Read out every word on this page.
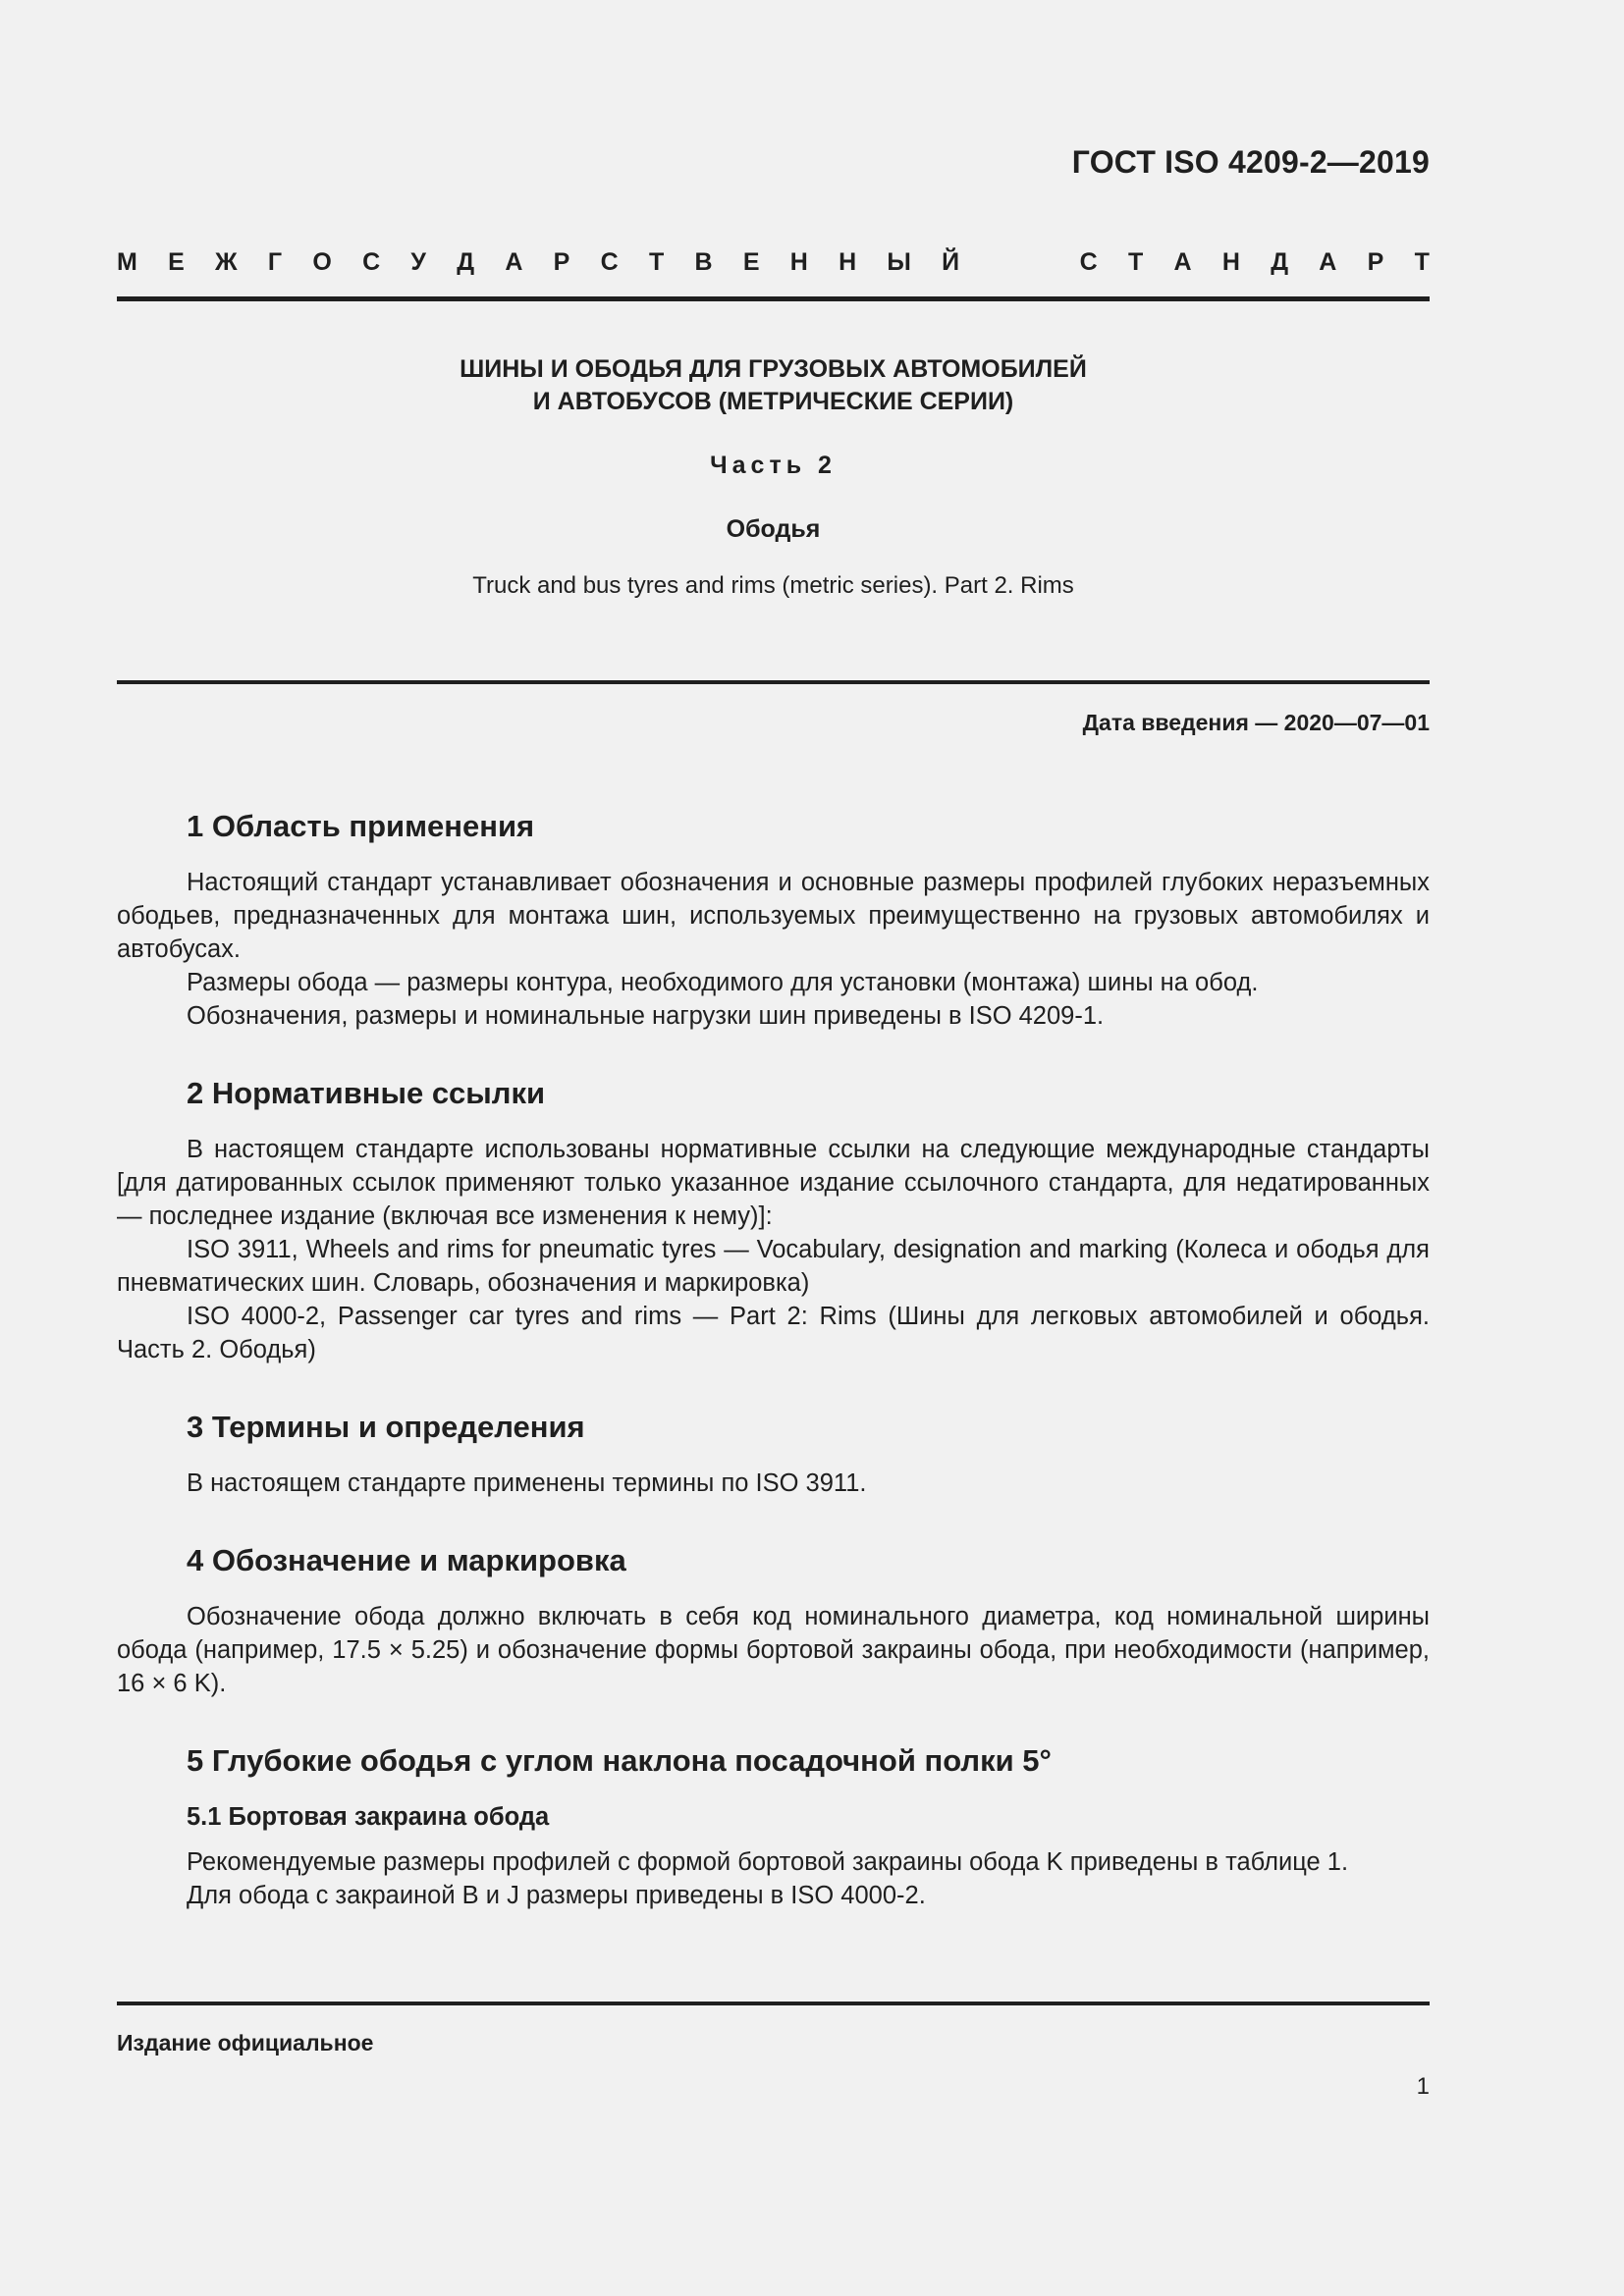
ГОСТ ISO 4209-2—2019
М Е Ж Г О С У Д А Р С Т В Е Н Н Ы Й	С Т А Н Д А Р Т
ШИНЫ И ОБОДЬЯ ДЛЯ ГРУЗОВЫХ АВТОМОБИЛЕЙ
И АВТОБУСОВ (МЕТРИЧЕСКИЕ СЕРИИ)
Часть 2
Ободья
Truck and bus tyres and rims (metric series). Part 2. Rims
Дата введения — 2020—07—01
1 Область применения

Настоящий стандарт устанавливает обозначения и основные размеры профилей глубоких неразъемных ободьев, предназначенных для монтажа шин, используемых преимущественно на грузовых автомобилях и автобусах.

Размеры обода — размеры контура, необходимого для установки (монтажа) шины на обод.

Обозначения, размеры и номинальные нагрузки шин приведены в ISO 4209-1.

2 Нормативные ссылки

В настоящем стандарте использованы нормативные ссылки на следующие международные стандарты [для датированных ссылок применяют только указанное издание ссылочного стандарта, для недатированных — последнее издание (включая все изменения к нему)]:

ISO 3911, Wheels and rims for pneumatic tyres — Vocabulary, designation and marking (Колеса и ободья для пневматических шин. Словарь, обозначения и маркировка)

ISO 4000-2, Passenger car tyres and rims — Part 2: Rims (Шины для легковых автомобилей и ободья. Часть 2. Ободья)

3 Термины и определения

В настоящем стандарте применены термины по ISO 3911.

4 Обозначение и маркировка

Обозначение обода должно включать в себя код номинального диаметра, код номинальной ширины обода (например, 17.5 × 5.25) и обозначение формы бортовой закраины обода, при необходимости (например, 16 × 6 K).

5 Глубокие ободья с углом наклона посадочной полки 5°
5.1 Бортовая закраина обода

Рекомендуемые размеры профилей с формой бортовой закраины обода K приведены в таблице 1.

Для обода с закраиной B и J размеры приведены в ISO 4000-2.

Издание официальное
1
